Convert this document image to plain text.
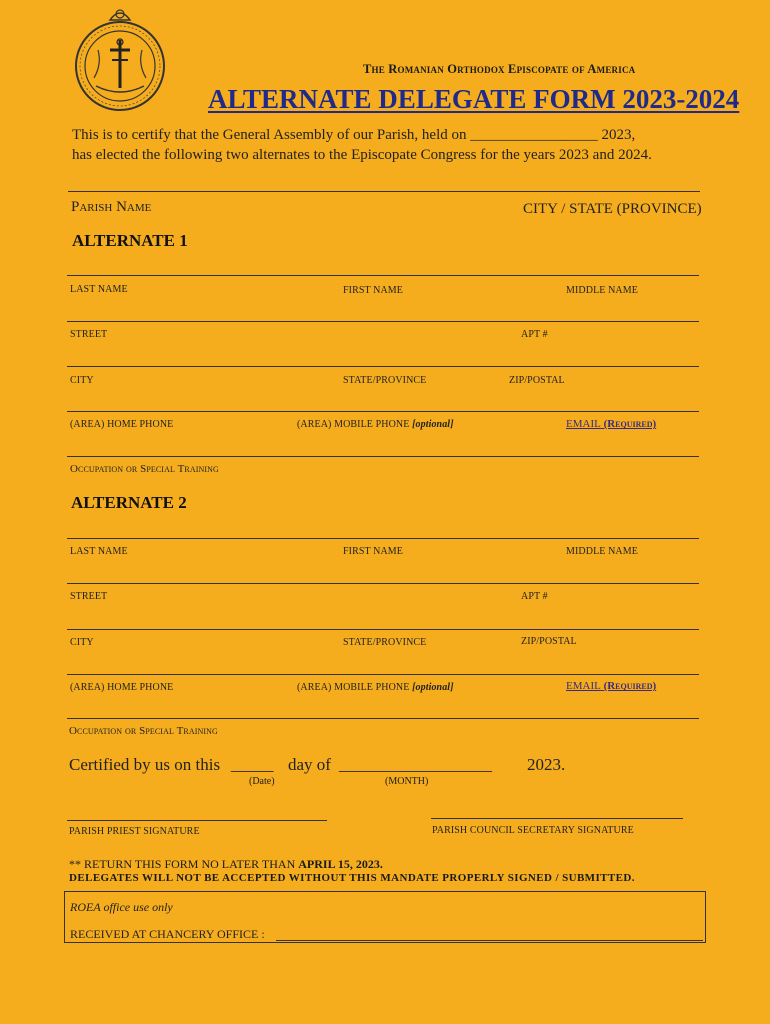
The Romanian Orthodox Episcopate of America
ALTERNATE DELEGATE FORM 2023-2024
This is to certify that the General Assembly of our Parish, held on _________________ 2023,
has elected the following two alternates to the Episcopate Congress for the years 2023 and 2024.
Parish Name	CITY / STATE (PROVINCE)
ALTERNATE 1
LAST NAME	FIRST NAME	MIDDLE NAME
STREET	APT #
CITY	STATE/PROVINCE	ZIP/POSTAL
(AREA) HOME PHONE	(AREA) MOBILE PHONE [optional]	EMAIL (Required)
Occupation or Special Training
ALTERNATE 2
LAST NAME	FIRST NAME	MIDDLE NAME
STREET	APT #
CITY	STATE/PROVINCE	ZIP/POSTAL
(AREA) HOME PHONE	(AREA) MOBILE PHONE [optional]	EMAIL (Required)
Occupation or Special Training
Certified by us on this _____ day of __________________ 2023.
(Date)	(MONTH)
PARISH PRIEST SIGNATURE	PARISH COUNCIL SECRETARY SIGNATURE
** RETURN THIS FORM NO LATER THAN APRIL 15, 2023.
DELEGATES WILL NOT BE ACCEPTED WITHOUT THIS MANDATE PROPERLY SIGNED / SUBMITTED.
ROEA office use only
RECEIVED AT CHANCERY OFFICE :
